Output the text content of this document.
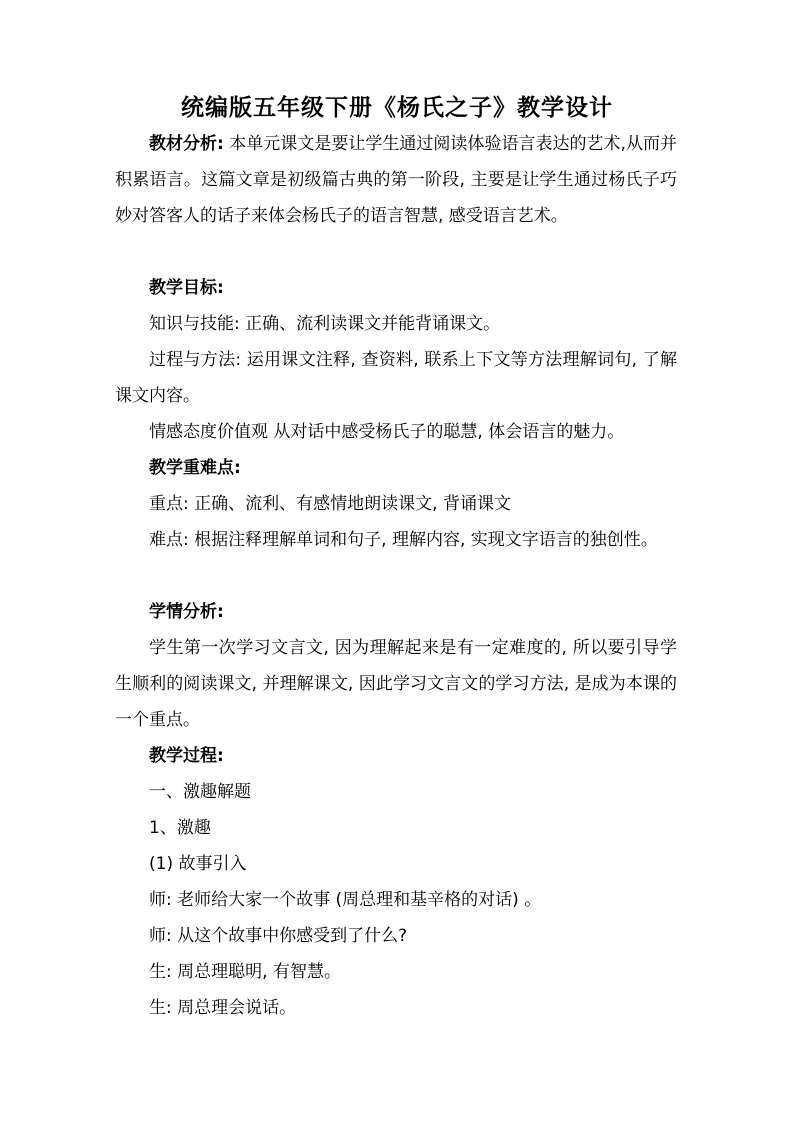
统编版五年级下册《杨氏之子》教学设计
教材分析: 本单元课文是要让学生通过阅读体验语言表达的艺术,从而并积累语言。这篇文章是初级篇古典的第一阶段, 主要是让学生通过杨氏子巧妙对答客人的话子来体会杨氏子的语言智慧, 感受语言艺术。
教学目标:
知识与技能: 正确、流利读课文并能背诵课文。
过程与方法: 运用课文注释, 查资料, 联系上下文等方法理解词句, 了解课文内容。
情感态度价值观 从对话中感受杨氏子的聪慧, 体会语言的魅力。
教学重难点:
重点: 正确、流利、有感情地朗读课文, 背诵课文
难点: 根据注释理解单词和句子, 理解内容, 实现文字语言的独创性。
学情分析:
学生第一次学习文言文, 因为理解起来是有一定难度的, 所以要引导学生顺利的阅读课文, 并理解课文, 因此学习文言文的学习方法, 是成为本课的一个重点。
教学过程:
一、激趣解题
1、激趣
(1) 故事引入
师: 老师给大家一个故事 (周总理和基辛格的对话) 。
师: 从这个故事中你感受到了什么?
生: 周总理聪明, 有智慧。
生: 周总理会说话。
